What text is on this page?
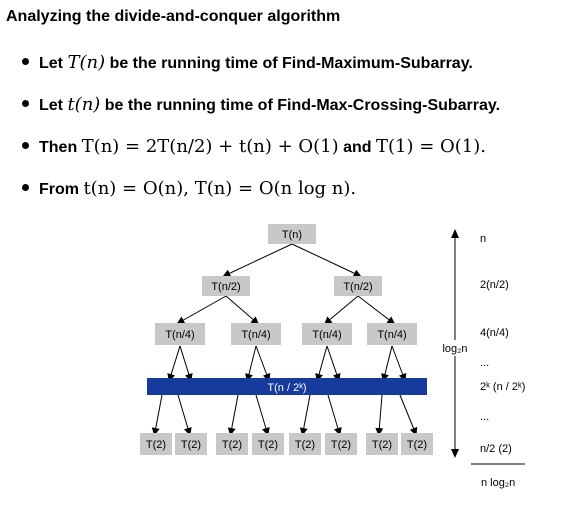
Analyzing the divide-and-conquer algorithm
Let T(n) be the running time of Find-Maximum-Subarray.
Let t(n) be the running time of Find-Max-Crossing-Subarray.
Then T(n) = 2T(n/2) + t(n) + O(1) and T(1) = O(1).
From t(n) = O(n), T(n) = O(n log n).
T(n)
T(n/2)	T(n/2)
T(n/4)	T(n/4)	T(n/4)	T(n/4)
T(n / 2ᵏ)
T(2) T(2) T(2) T(2) T(2) T(2) T(2) T(2)
log₂n
n
2(n/2)
4(n/4)
...
2ᵏ (n / 2ᵏ)
...
n/2 (2)
n log₂n
